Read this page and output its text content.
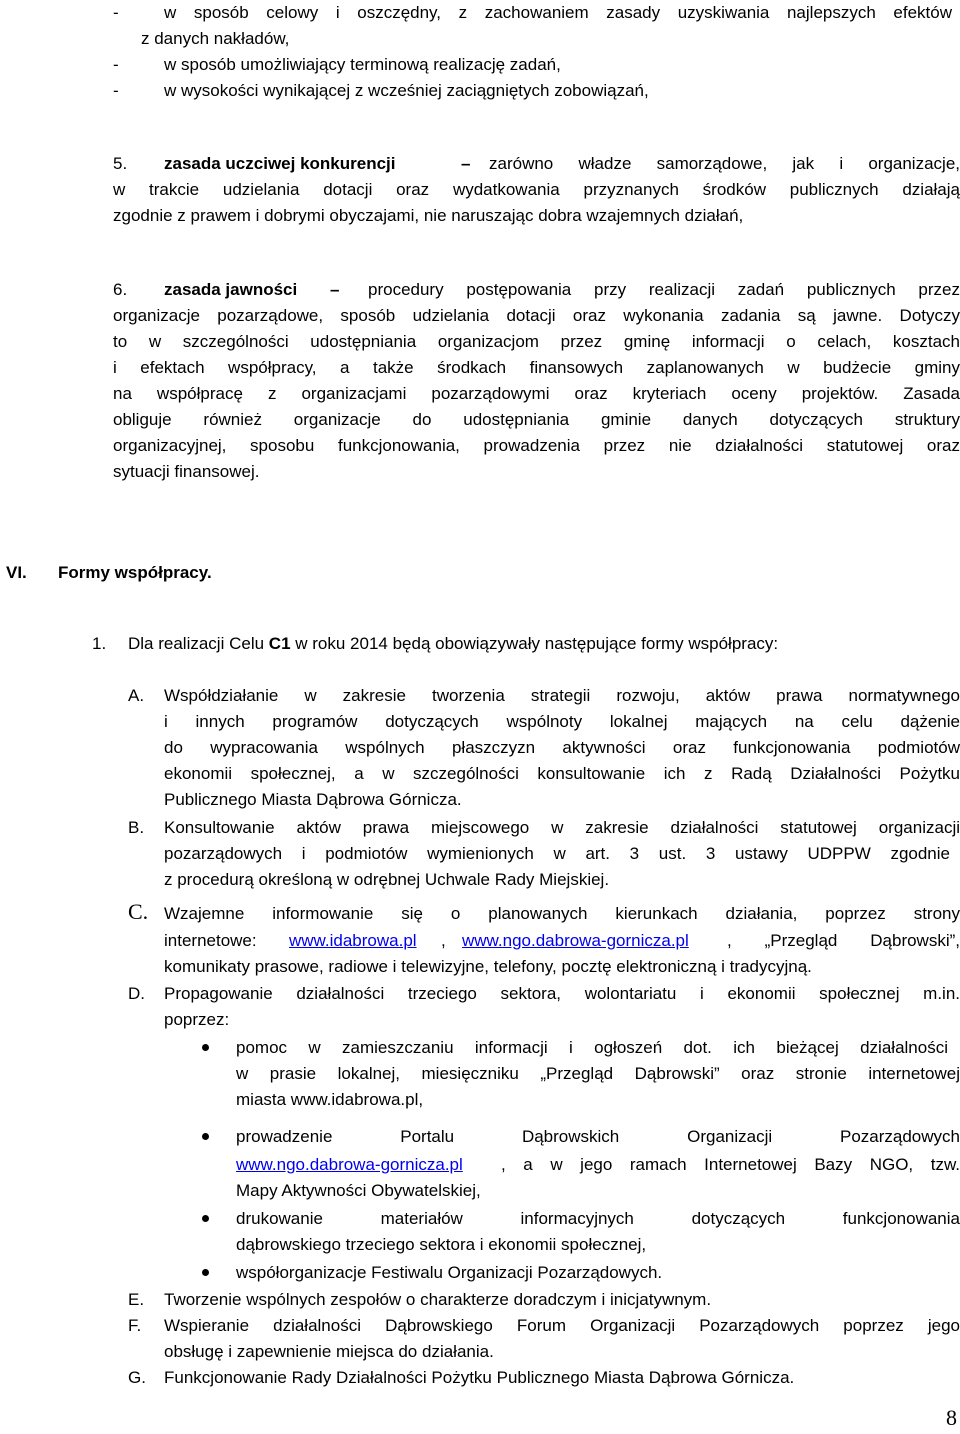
-	w sposób celowy i oszczędny, z zachowaniem zasady uzyskiwania najlepszych efektów
z danych nakładów,
-	w sposób umożliwiający terminową realizację zadań,
-	w wysokości wynikającej z wcześniej zaciągniętych zobowiązań,
5. zasada uczciwej konkurencji	– zarówno władze samorządowe, jak i organizacje,
w trakcie udzielania dotacji oraz wydatkowania przyznanych środków publicznych działają
zgodnie z prawem i dobrymi obyczajami, nie naruszając dobra wzajemnych działań,
6. zasada jawności – procedury postępowania przy realizacji zadań publicznych przez
organizacje pozarządowe, sposób udzielania dotacji oraz wykonania zadania są jawne. Dotyczy
to w szczególności udostępniania organizacjom przez gminę informacji o celach, kosztach
i efektach współpracy, a także środkach finansowych zaplanowanych w budżecie gminy
na współpracę z organizacjami pozarządowymi oraz kryteriach oceny projektów. Zasada
obliguje również organizacje do udostępniania gminie danych dotyczących struktury
organizacyjnej, sposobu funkcjonowania, prowadzenia przez nie działalności statutowej oraz
sytuacji finansowej.
VI. Formy współpracy.
1. Dla realizacji Celu C1 w roku 2014 będą obowiązywały następujące formy współpracy:
A. Współdziałanie w zakresie tworzenia strategii rozwoju, aktów prawa normatywnego
i innych programów dotyczących wspólnoty lokalnej mających na celu dążenie
do wypracowania wspólnych płaszczyzn aktywności oraz funkcjonowania podmiotów
ekonomii społecznej, a w szczególności konsultowanie ich z Radą Działalności Pożytku
Publicznego Miasta Dąbrowa Górnicza.
B. Konsultowanie aktów prawa miejscowego w zakresie działalności statutowej organizacji
pozarządowych i podmiotów wymienionych w art. 3 ust. 3 ustawy UDPPW zgodnie
z procedurą określoną w odrębnej Uchwale Rady Miejskiej.
C. Wzajemne informowanie się o planowanych kierunkach działania, poprzez strony
internetowe: www.idabrowa.pl , www.ngo.dabrowa-gornicza.pl , „Przegląd Dąbrowski”,
komunikaty prasowe, radiowe i telewizyjne, telefony, pocztę elektroniczną i tradycyjną.
D. Propagowanie działalności trzeciego sektora, wolontariatu i ekonomii społecznej m.in.
poprzez:
pomoc w zamieszczaniu informacji i ogłoszeń dot. ich bieżącej działalności
w prasie lokalnej, miesięczniku „Przegląd Dąbrowski” oraz stronie internetowej
miasta www.idabrowa.pl,
prowadzenie Portalu Dąbrowskich Organizacji Pozarządowych
www.ngo.dabrowa-gornicza.pl , a w jego ramach Internetowej Bazy NGO, tzw.
Mapy Aktywności Obywatelskiej,
drukowanie materiałów informacyjnych dotyczących funkcjonowania
dąbrowskiego trzeciego sektora i ekonomii społecznej,
współorganizacje Festiwalu Organizacji Pozarządowych.
E. Tworzenie wspólnych zespołów o charakterze doradczym i inicjatywnym.
F. Wspieranie działalności Dąbrowskiego Forum Organizacji Pozarządowych poprzez jego
obsługę i zapewnienie miejsca do działania.
G. Funkcjonowanie Rady Działalności Pożytku Publicznego Miasta Dąbrowa Górnicza.
8
